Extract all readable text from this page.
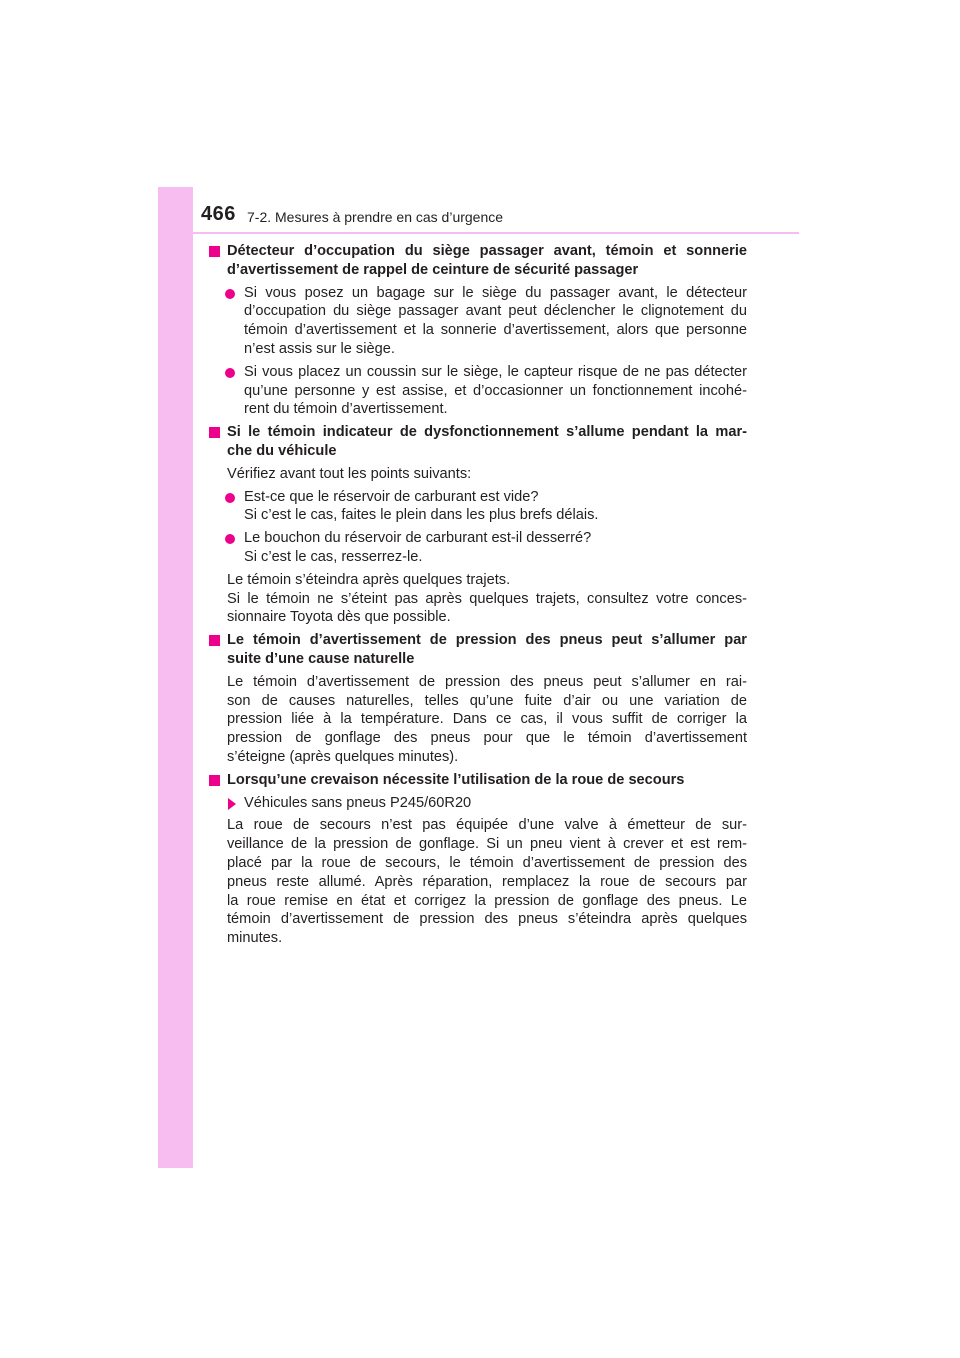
466 7-2. Mesures à prendre en cas d’urgence
Détecteur d’occupation du siège passager avant, témoin et sonnerie
d’avertissement de rappel de ceinture de sécurité passager
Si vous posez un bagage sur le siège du passager avant, le détecteur
d’occupation du siège passager avant peut déclencher le clignotement du
témoin d’avertissement et la sonnerie d’avertissement, alors que personne
n’est assis sur le siège.
Si vous placez un coussin sur le siège, le capteur risque de ne pas détecter
qu’une personne y est assise, et d’occasionner un fonctionnement incohé-
rent du témoin d’avertissement.
Si le témoin indicateur de dysfonctionnement s’allume pendant la mar-
che du véhicule
Vérifiez avant tout les points suivants:
Est-ce que le réservoir de carburant est vide?
Si c’est le cas, faites le plein dans les plus brefs délais.
Le bouchon du réservoir de carburant est-il desserré?
Si c’est le cas, resserrez-le.
Le témoin s’éteindra après quelques trajets.
Si le témoin ne s’éteint pas après quelques trajets, consultez votre conces-
sionnaire Toyota dès que possible.
Le témoin d’avertissement de pression des pneus peut s’allumer par
suite d’une cause naturelle
Le témoin d’avertissement de pression des pneus peut s’allumer en rai-
son de causes naturelles, telles qu’une fuite d’air ou une variation de
pression liée à la température. Dans ce cas, il vous suffit de corriger la
pression de gonflage des pneus pour que le témoin d’avertissement
s’éteigne (après quelques minutes).
Lorsqu’une crevaison nécessite l’utilisation de la roue de secours
Véhicules sans pneus P245/60R20
La roue de secours n’est pas équipée d’une valve à émetteur de sur-
veillance de la pression de gonflage. Si un pneu vient à crever et est rem-
placé par la roue de secours, le témoin d’avertissement de pression des
pneus reste allumé. Après réparation, remplacez la roue de secours par
la roue remise en état et corrigez la pression de gonflage des pneus. Le
témoin d’avertissement de pression des pneus s’éteindra après quelques
minutes.
